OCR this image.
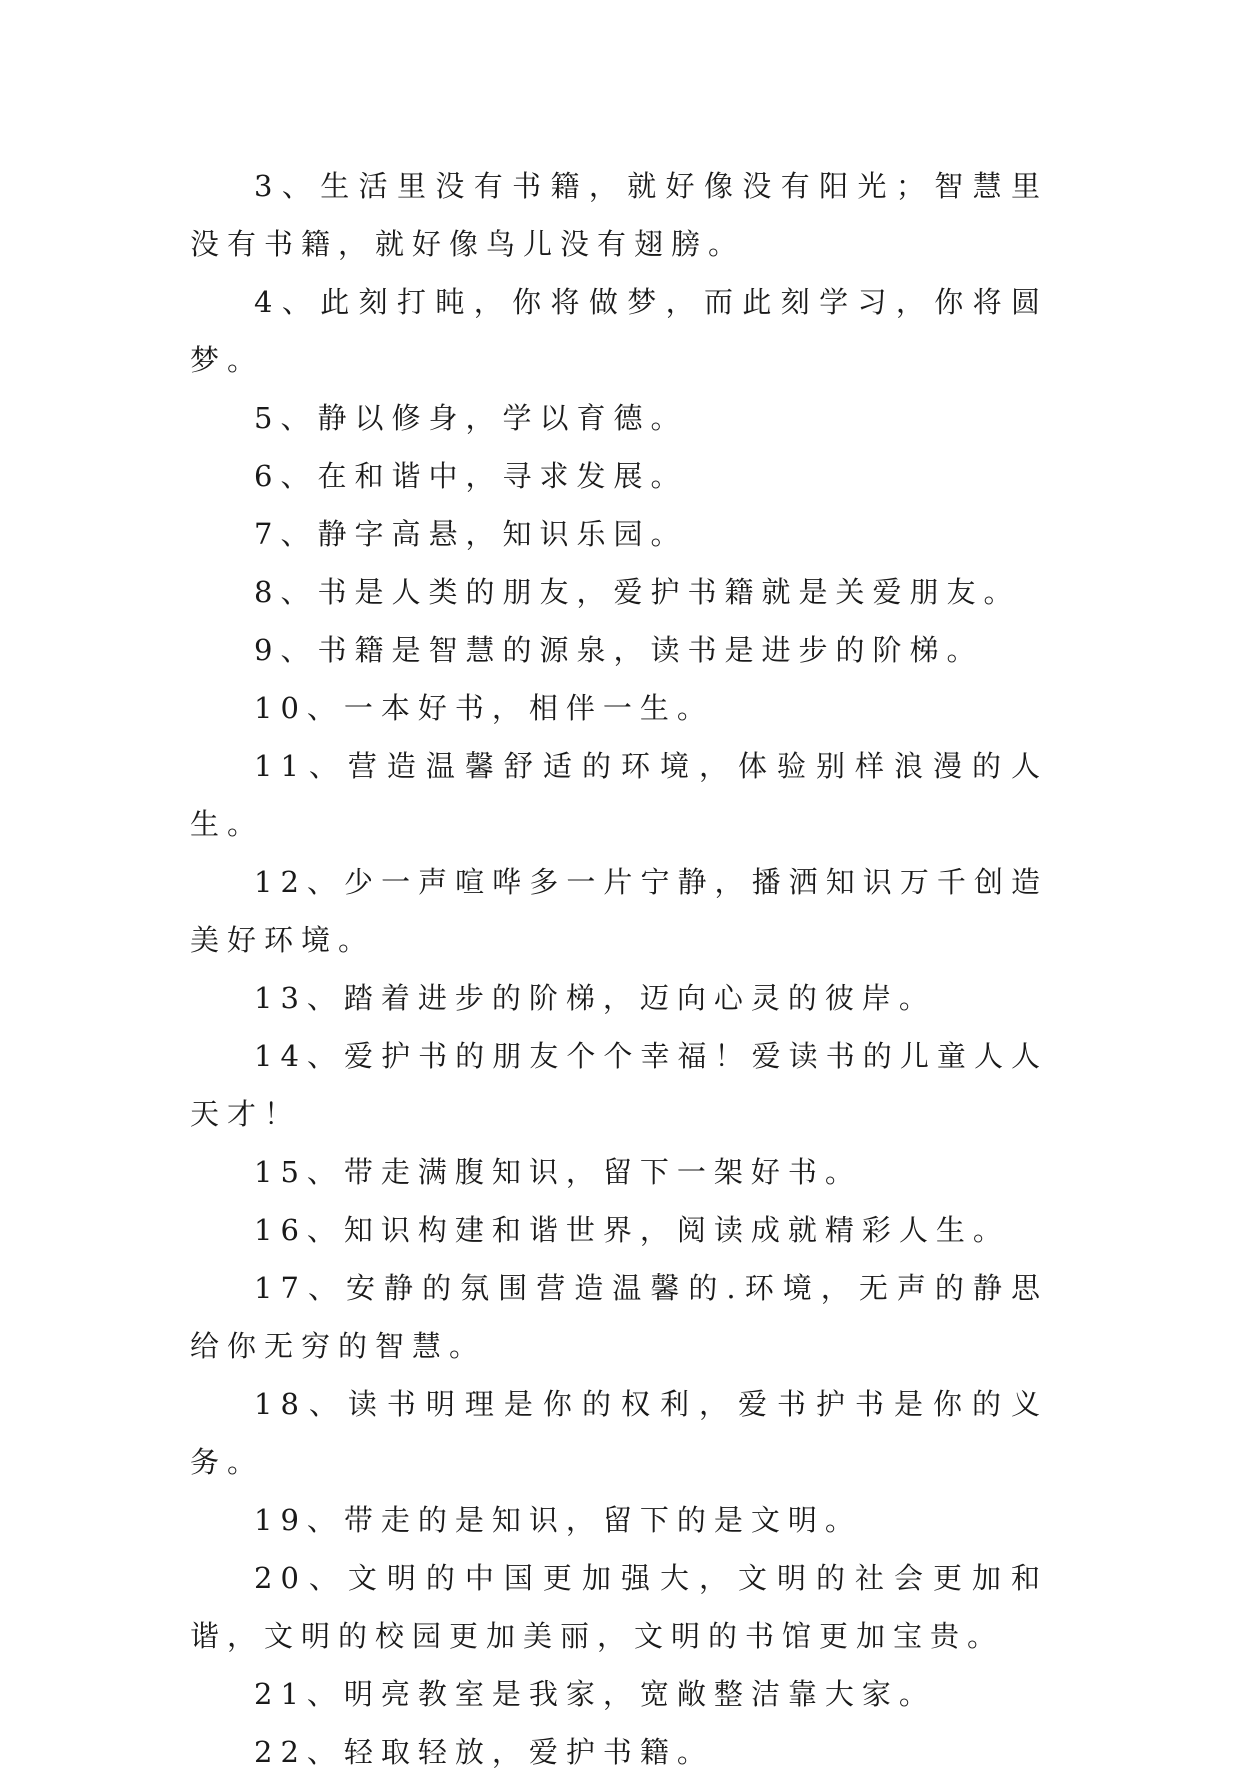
3、生活里没有书籍，就好像没有阳光；智慧里没有书籍，就好像鸟儿没有翅膀。

4、此刻打盹，你将做梦，而此刻学习，你将圆梦。

5、静以修身，学以育德。

6、在和谐中，寻求发展。

7、静字高悬，知识乐园。

8、书是人类的朋友，爱护书籍就是关爱朋友。

9、书籍是智慧的源泉，读书是进步的阶梯。

10、一本好书，相伴一生。

11、营造温馨舒适的环境，体验别样浪漫的人生。

12、少一声喧哗多一片宁静，播洒知识万千创造美好环境。

13、踏着进步的阶梯，迈向心灵的彼岸。

14、爱护书的朋友个个幸福！爱读书的儿童人人天才！

15、带走满腹知识，留下一架好书。

16、知识构建和谐世界，阅读成就精彩人生。

17、安静的氛围营造温馨的.环境，无声的静思给你无穷的智慧。

18、读书明理是你的权利，爱书护书是你的义务。

19、带走的是知识，留下的是文明。

20、文明的中国更加强大，文明的社会更加和谐，文明的校园更加美丽，文明的书馆更加宝贵。

21、明亮教室是我家，宽敞整洁靠大家。

22、轻取轻放，爱护书籍。
